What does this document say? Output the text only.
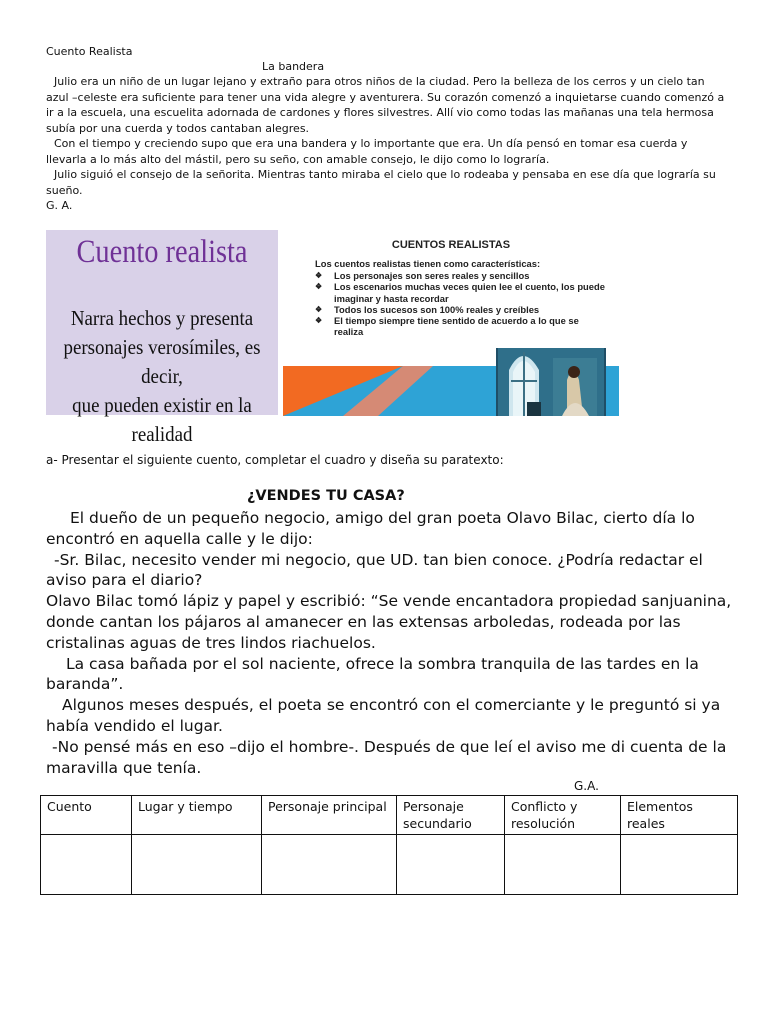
Cuento Realista
La bandera

Julio era un niño de un lugar lejano y extraño para otros niños de la ciudad. Pero la belleza de los cerros y un cielo tan azul –celeste era suficiente para tener una vida alegre y aventurera. Su corazón comenzó a inquietarse cuando comenzó a ir a la escuela, una escuelita adornada de cardones y flores silvestres. Allí vio como todas las mañanas una tela hermosa subía por una cuerda y todos cantaban alegres.

Con el tiempo y creciendo supo que era una bandera y lo importante que era. Un día pensó en tomar esa cuerda y llevarla a lo más alto del mástil, pero su seño, con amable consejo, le dijo como lo lograría.

Julio siguió el consejo de la señorita. Mientras tanto miraba el cielo que lo rodeaba y pensaba en ese día que lograría su sueño.

G. A.

Cuento realista
Narra hechos y presenta
personajes verosímiles, es decir,
que pueden existir en la realidad
CUENTOS REALISTAS
Los cuentos realistas tienen como características:
❖ Los personajes son seres reales y sencillos
❖ Los escenarios muchas veces quien lee el cuento, los puede imaginar y hasta recordar
❖ Todos los sucesos son 100% reales y creíbles
❖ El tiempo siempre tiene sentido de acuerdo a lo que se realiza
a- Presentar el siguiente cuento, completar el cuadro y diseña su paratexto:
¿VENDES TU CASA?

El dueño de un pequeño negocio, amigo del gran poeta Olavo Bilac, cierto día lo encontró en aquella calle y le dijo:

-Sr. Bilac, necesito vender mi negocio, que UD. tan bien conoce. ¿Podría redactar el aviso para el diario?

Olavo Bilac tomó lápiz y papel y escribió: “Se vende encantadora propiedad sanjuanina, donde cantan los pájaros al amanecer en las extensas arboledas, rodeada por las cristalinas aguas de tres lindos riachuelos.

La casa bañada por el sol naciente, ofrece la sombra tranquila de las tardes en la baranda”.

Algunos meses después, el poeta se encontró con el comerciante y le preguntó si ya había vendido el lugar.

-No pensé más en eso –dijo el hombre-. Después de que leí el aviso me di cuenta de la maravilla que tenía.

G.A.
Cuento	Lugar y tiempo	Personaje principal	Personaje secundario	Conflicto y resolución	Elementos reales
